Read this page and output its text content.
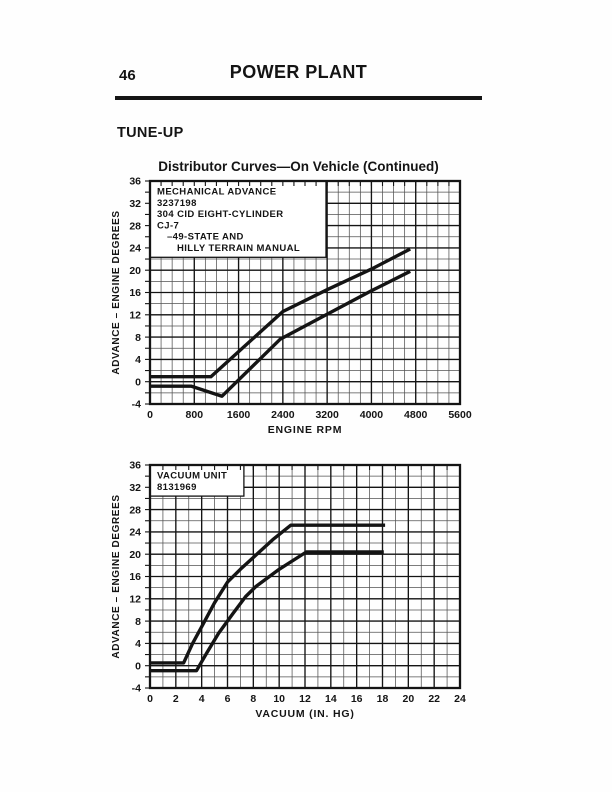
46	POWER PLANT
TUNE-UP
Distributor Curves—On Vehicle (Continued)
MECHANICAL ADVANCE
3237198
304 CID EIGHT-CYLINDER
CJ-7
–49-STATE AND
HILLY TERRAIN MANUAL
-4
0
4
8
12
16
20
24
28
32
36
0	800 1600 2400 3200 4000 4800 5600
ENGINE RPM
ADVANCE – ENGINE DEGREES
VACUUM UNIT
8131969
-4
0
4
8
12
16
20
24
28
32
36
0 2 4 6 8 10 12 14 16 18 20 22 24
VACUUM (IN. HG)
ADVANCE – ENGINE DEGREES
